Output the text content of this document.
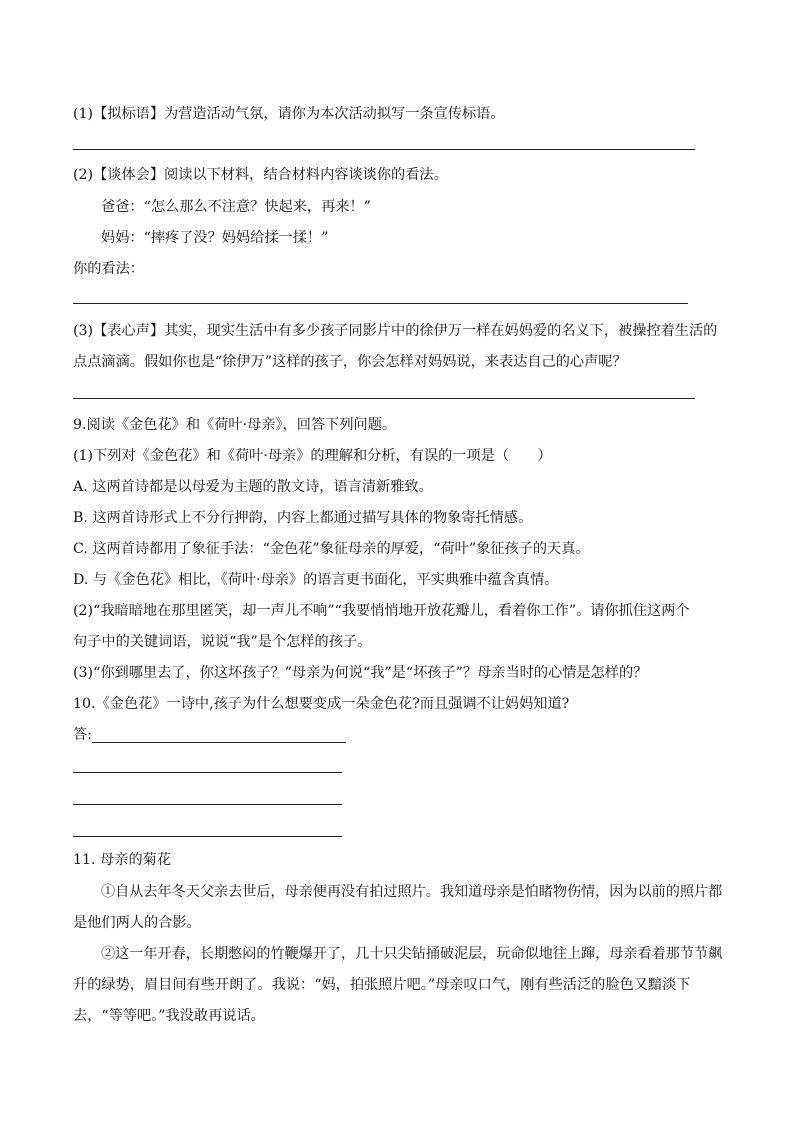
(1)【拟标语】为营造活动气氛，请你为本次活动拟写一条宣传标语。
(2)【谈体会】阅读以下材料，结合材料内容谈谈你的看法。
爸爸：“怎么那么不注意？快起来，再来！”
妈妈：“摔疼了没？妈妈给揉一揉！”
你的看法：
(3)【表心声】其实，现实生活中有多少孩子同影片中的徐伊万一样在妈妈爱的名义下，被操控着生活的
点点滴滴。假如你也是“徐伊万”这样的孩子，你会怎样对妈妈说，来表达自己的心声呢？
9.阅读《金色花》和《荷叶·母亲》，回答下列问题。
(1)下列对《金色花》和《荷叶·母亲》的理解和分析，有误的一项是（　　）
A. 这两首诗都是以母爱为主题的散文诗，语言清新雅致。
B. 这两首诗形式上不分行押韵，内容上都通过描写具体的物象寄托情感。
C. 这两首诗都用了象征手法：“金色花”象征母亲的厚爱，“荷叶”象征孩子的天真。
D. 与《金色花》相比，《荷叶·母亲》的语言更书面化，平实典雅中蕴含真情。
(2)“我暗暗地在那里匿笑，却一声儿不响”“我要悄悄地开放花瓣儿，看着你工作”。请你抓住这两个
句子中的关键词语，说说“我”是个怎样的孩子。
(3)“你到哪里去了，你这坏孩子？”母亲为何说“我”是“坏孩子”？母亲当时的心情是怎样的？
10.《金色花》一诗中,孩子为什么想要变成一朵金色花?而且强调不让妈妈知道?
答:
11. 母亲的菊花
①自从去年冬天父亲去世后，母亲便再没有拍过照片。我知道母亲是怕睹物伤情，因为以前的照片都
是他们两人的合影。
②这一年开春，长期憋闷的竹鞭爆开了，几十只尖钻捅破泥层，玩命似地往上蹿，母亲看着那节节飙
升的绿势，眉目间有些开朗了。我说：“妈，拍张照片吧。”母亲叹口气，刚有些活泛的脸色又黯淡下
去，“等等吧。”我没敢再说话。
